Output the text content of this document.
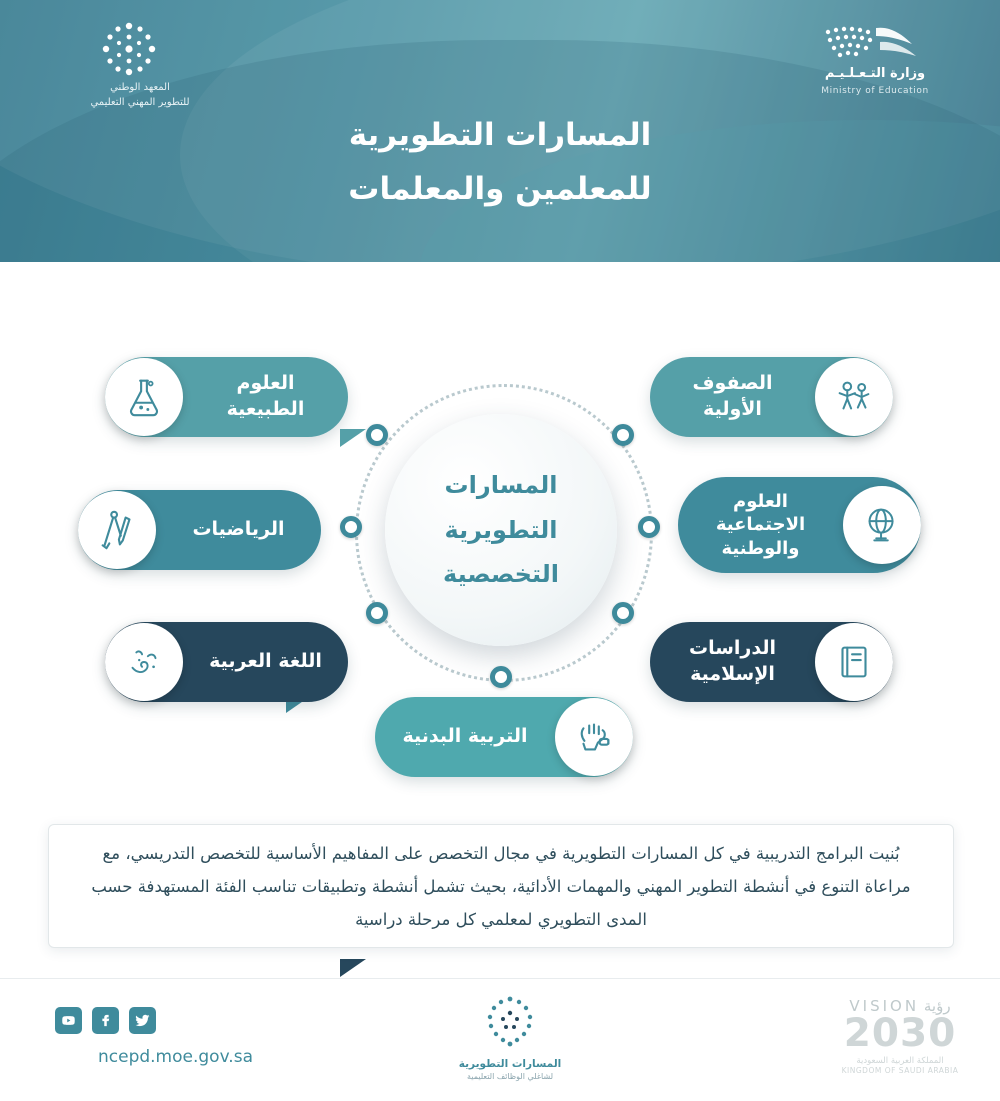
المعهد الوطني
للتطوير المهني التعليمي
وزارة التـعـلـيـم
Ministry of Education
المسارات التطويرية
للمعلمين والمعلمات
المسارات
التطويرية
التخصصية
العلوم
الطبيعية
الرياضيات
اللغة العربية
التربية البدنية
الصفوف
الأولية
العلوم
الاجتماعية
والوطنية
الدراسات
الإسلامية

بُنيت البرامج التدريبية في كل المسارات التطويرية في مجال التخصص على المفاهيم الأساسية للتخصص التدريسي، مع مراعاة التنوع في أنشطة التطوير المهني والمهمات الأدائية، بحيث تشمل أنشطة وتطبيقات تناسب الفئة المستهدفة حسب المدى التطويري لمعلمي كل مرحلة دراسية

ncepd.moe.gov.sa	المسارات التطويرية
لشاغلي الوظائف التعليمية
رؤية VISION
2030
المملكة العربية السعودية
KINGDOM OF SAUDI ARABIA
